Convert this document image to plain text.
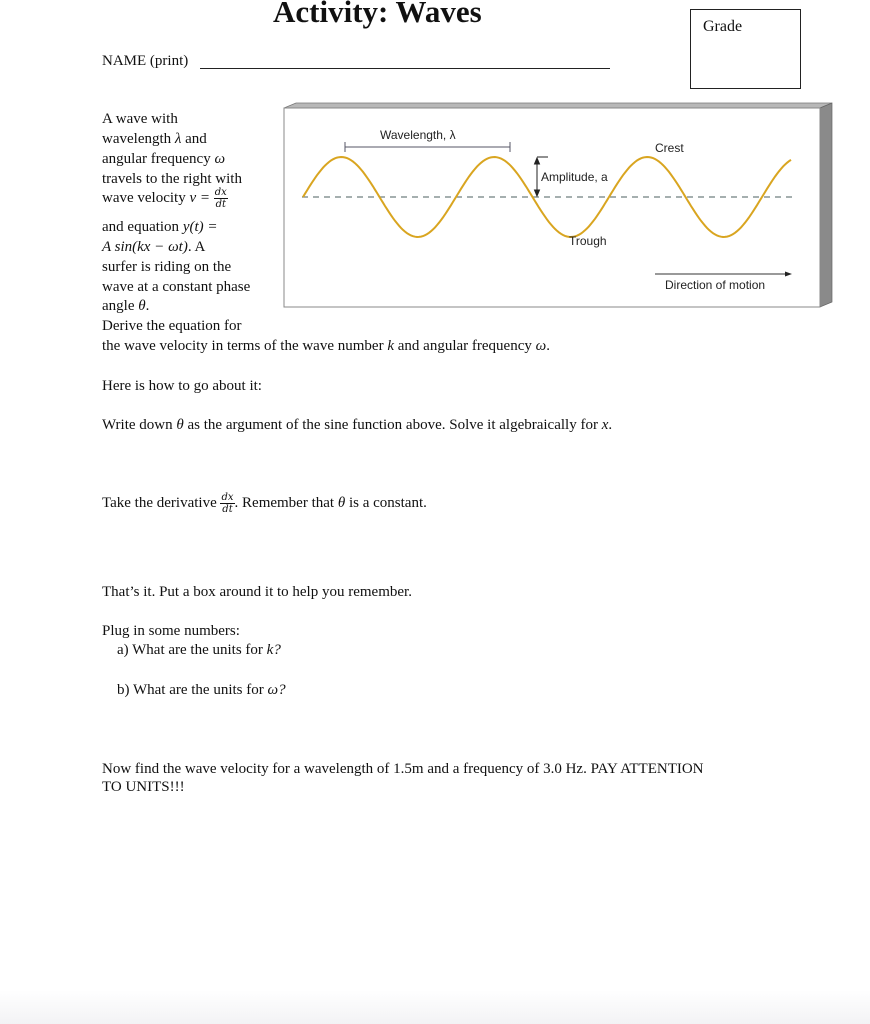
Activity: Waves	Grade
NAME (print)
A wave with
wavelength λ and
angular frequency ω
travels to the right with
wave velocity $v = \frac{dx}{dt}$
and equation y(t) =
A sin(kx − ωt). A
surfer is riding on the
wave at a constant phase
angle θ.
Derive the equation for
the wave velocity in terms of the wave number k and angular frequency ω.
Wavelength, λ
Crest
Amplitude, a
Trough
Direction of motion
Here is how to go about it:
Write down θ as the argument of the sine function above. Solve it algebraically for x.
Take the derivative $\frac{dx}{dt}$. Remember that θ is a constant.
That’s it. Put a box around it to help you remember.
Plug in some numbers:
a) What are the units for k?
b) What are the units for ω?
Now find the wave velocity for a wavelength of 1.5m and a frequency of 3.0 Hz. PAY ATTENTION
TO UNITS!!!
